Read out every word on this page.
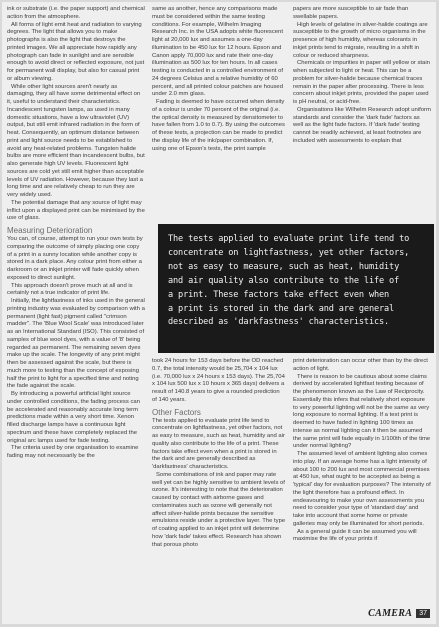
ink or substrate (i.e. the paper support) and chemical action from the atmosphere.

All forms of light emit heat and radiation to varying degrees. The light that allows you to make photographs is also the light that destroys the printed images. We all appreciate how rapidly any photograph can fade in sunlight and are sensible enough to avoid direct or reflected exposure, not just for permanent wall display, but also for casual print or album viewing.

While other light sources aren't nearly as damaging, they all have some detrimental effect on it, useful to understand their characteristics. Incandescent tungsten lamps, as used in many domestic situations, have a low ultraviolet (UV) output, but still emit infrared radiation in the form of heat. Consequently, an optimum distance between print and light source needs to be established to avoid any heat-related problems. Tungsten halide bulbs are more efficient than incandescent bulbs, but also generate high UV levels. Fluorescent light sources are cold yet still emit higher than acceptable levels of UV radiation. However, because they last a long time and are relatively cheap to run they are very widely used.

The potential damage that any source of light may inflict upon a displayed print can be minimised by the use of glass.

Measuring Deterioration

You can, of course, attempt to run your own tests by comparing the outcome of simply placing one copy of a print in a sunny location while another copy is stored in a dark place. Any colour print from either a darkroom or an inkjet printer will fade quickly when exposed to direct sunlight.

This approach doesn't prove much at all and is certainly not a true indicator of print life.

Initially, the lightfastness of inks used in the general printing industry was evaluated by comparison with a permanent (light fast) pigment called "crimson madder". The 'Blue Wool Scale' was introduced later as an International Standard (ISO). This consisted of samples of blue wool dyes, with a value of '8' being regarded as permanent. The remaining seven dyes make up the scale. The longevity of any print might then be assessed against the scale, but there is much more to testing than the concept of exposing half the print to light for a specified time and noting the fade against the scale.

By introducing a powerful artificial light source under controlled conditions, the fading process can be accelerated and reasonably accurate long term predictions made within a very short time. Xenon filled discharge lamps have a continuous light spectrum and these have completely replaced the original arc lamps used for fade testing.

The criteria used by one organisation to examine fading may not necessarily be the

same as another, hence any comparisons made must be considered within the same testing conditions. For example, Wilhelm Imaging Research Inc. in the USA adopts white fluorescent light at 20,000 lux and assumes a one-day illumination to be 450 lux for 12 hours. Epson and Canon apply 70,000 lux and rate their one-day illumination as 500 lux for ten hours. In all cases testing is conducted in a controlled environment of 24 degrees Celsius and a relative humidity of 60 percent, and all printed colour patches are housed under 2.0 mm glass.

Fading is deemed to have occurred when density of a colour is under 70 percent of the original (i.e. the optical density is measured by densitometer to have fallen from 1.0 to 0.7). By using the outcomes of these tests, a projection can be made to predict the display life of the ink/paper combination. If, using one of Epson's tests, the print sample

papers are more susceptible to air fade than swellable papers.

High levels of gelatine in silver-halide coatings are susceptible to the growth of micro organisms in the presence of high humidity, whereas colorants in inkjet prints tend to migrate, resulting in a shift in colour or reduced sharpness.

Chemicals or impurities in paper will yellow or stain when subjected to light or heat. This can be a problem for silver-halide because chemical traces remain in the paper after processing. There is less concern about inkjet prints, provided the paper used is pH neutral, or acid-free.

Organisations like Wilhelm Research adopt uniform standards and consider the 'dark fade' factors as well as the light fade factors. If 'dark fade' testing cannot be readily achieved, at least footnotes are included with assessments to explain that

The tests applied to evaluate print life tend to
concentrate on lightfastness, yet other factors,
not as easy to measure, such as heat, humidity
and air quality also contribute to the life of
a print. These factors take effect even when
a print is stored in the dark and are general
described as 'darkfastness' characteristics.

took 24 hours for 153 days before the OD reached 0.7, the total intensity would be 25,704 x 104 lux (i.e. 70,000 lux x 24 hours x 153 days). The 25,704 x 104 lux 500 lux x 10 hours x 365 days) delivers a result of 140.8 years to give a rounded prediction of 140 years.

Other Factors

The tests applied to evaluate print life tend to concentrate on lightfastness, yet other factors, not as easy to measure, such as heat, humidity and air quality also contribute to the life of a print. These factors take effect even when a print is stored in the dark and are generally described as 'darkfastness' characteristics.

Some combinations of ink and paper may rate well yet can be highly sensitive to ambient levels of ozone. It's interesting to note that the deterioration caused by contact with airborne gases and contaminates such as ozone will generally not affect silver-halide prints because the sensitive emulsions reside under a protective layer. The type of coating applied to an inkjet print will determine how 'dark fade' takes effect. Research has shown that porous photo

print deterioration can occur other than by the direct action of light.

There is reason to be cautious about some claims derived by accelerated lightfast testing because of the phenomenon known as the Law of Reciprocity. Essentially this infers that relatively short exposure to very powerful lighting will not be the same as very long exposure to normal lighting. If a test print is deemed to have faded in lighting 100 times as intense as normal lighting can it then be assumed the same print will fade equally in 1/100th of the time under normal lighting?

The assumed level of ambient lighting also comes into play. If an average home has a light intensity of about 100 to 200 lux and most commercial premises at 450 lux, what ought to be accepted as being a 'typical' day for evaluation purposes? The intensity of the light therefore has a profound effect. In endeavouring to make your own assessments you need to consider your type of 'standard day' and take into account that some home or private galleries may only be illuminated for short periods.

As a general guide it can be assumed you will maximise the life of your prints if

CAMERA	37
